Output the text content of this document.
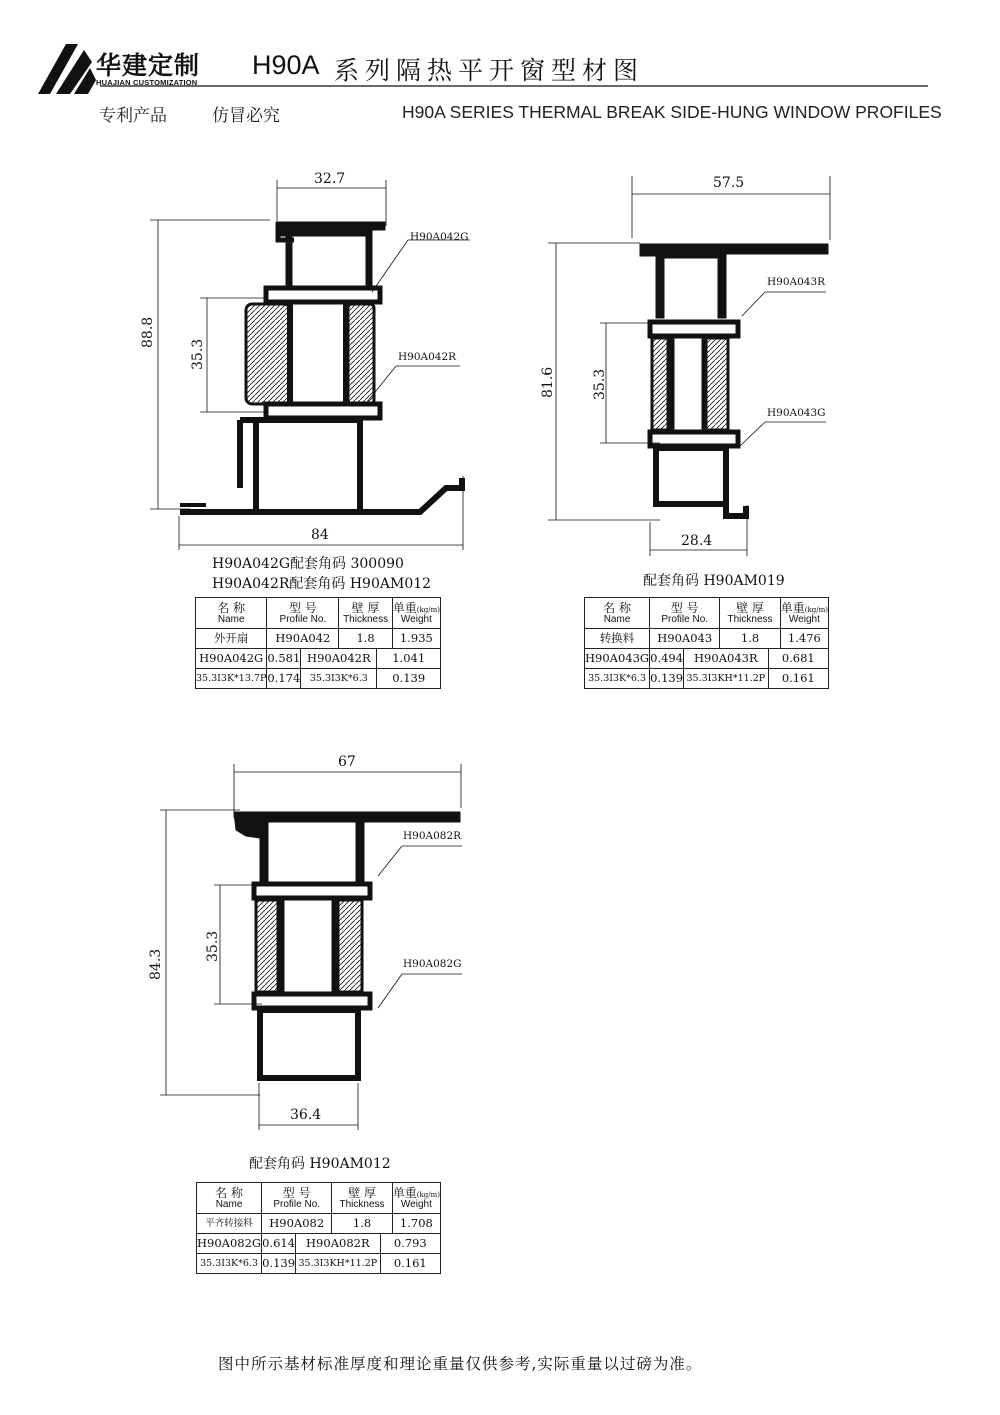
华建定制
HUAJIAN CUSTOMIZATION
H90A 系列隔热平开窗型材图
专利产品	仿冒必究	H90A SERIES THERMAL BREAK SIDE-HUNG WINDOW PROFILES
32.7
88.8
35.3
84
H90A042G
H90A042R
57.5
81.6	35.3
28.4
H90A043R
H90A043G
67
84.3
35.3
36.4
H90A082R
H90A082G
H90A042G配套角码 300090
H90A042R配套角码 H90AM012	配套角码 H90AM019
配套角码 H90AM012
名 称
Name	型 号
Profile No.		壁 厚
Thickness		单重(kg/m)
Weight

外开扇	H90A042		1.8		1.935
H90A042G	0.581	H90A042R		1.041	
35.3I3K*13.7P	0.174	35.3I3K*6.3		0.139	
名 称
Name	型 号
Profile No.		壁 厚
Thickness		单重(kg/m)
Weight

转换料	H90A043		1.8		1.476
H90A043G	0.494	H90A043R		0.681	
35.3I3K*6.3	0.139	35.3I3KH*11.2P		0.161	
名 称
Name	型 号
Profile No.		壁 厚
Thickness		单重(kg/m)
Weight

平齐转接料	H90A082		1.8		1.708
H90A082G	0.614	H90A082R		0.793	
35.3I3K*6.3	0.139	35.3I3KH*11.2P		0.161	
图中所示基材标准厚度和理论重量仅供参考,实际重量以过磅为准。
